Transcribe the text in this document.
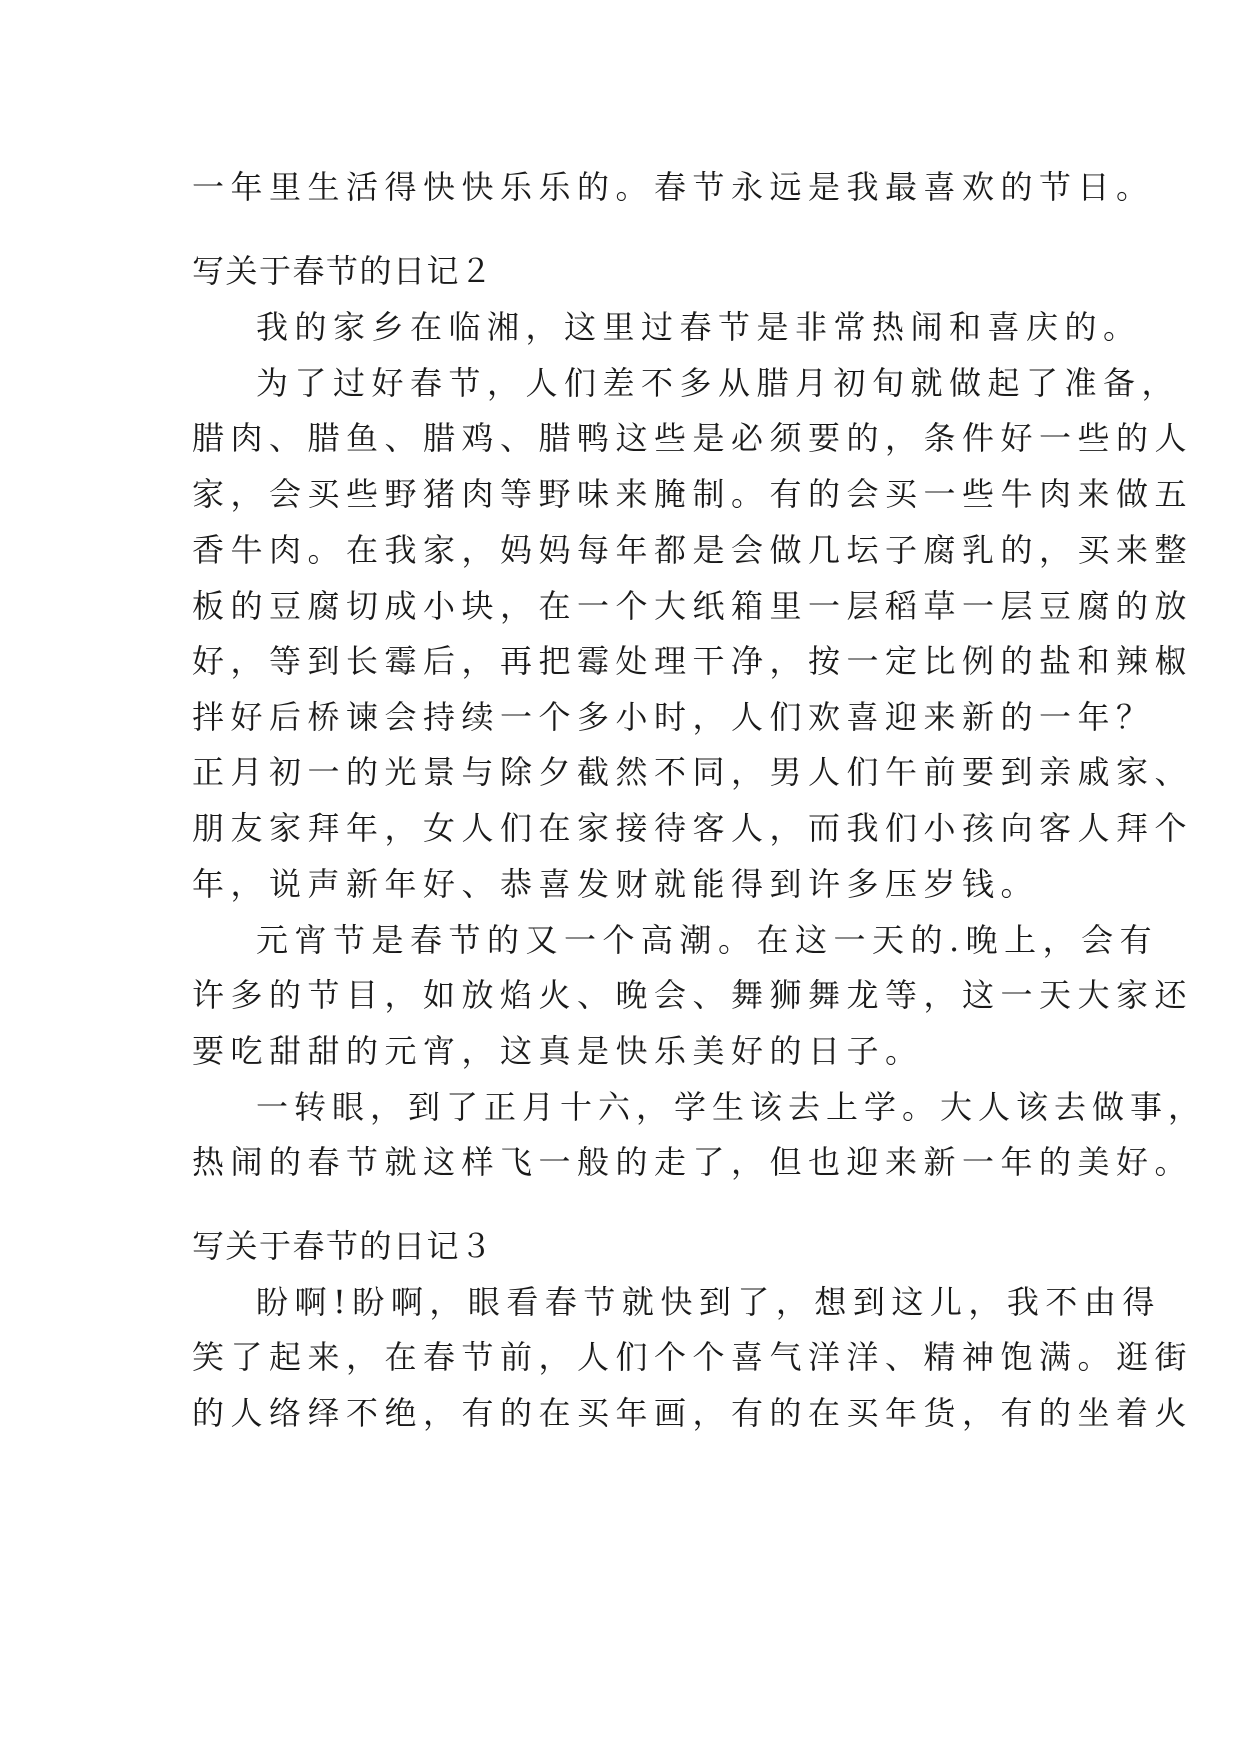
一年里生活得快快乐乐的。春节永远是我最喜欢的节日。
写关于春节的日记２
我的家乡在临湘，这里过春节是非常热闹和喜庆的。
为了过好春节，人们差不多从腊月初旬就做起了准备，
腊肉、腊鱼、腊鸡、腊鸭这些是必须要的，条件好一些的人
家，会买些野猪肉等野味来腌制。有的会买一些牛肉来做五
香牛肉。在我家，妈妈每年都是会做几坛子腐乳的，买来整
板的豆腐切成小块，在一个大纸箱里一层稻草一层豆腐的放
好，等到长霉后，再把霉处理干净，按一定比例的盐和辣椒
拌好后桥谏会持续一个多小时，人们欢喜迎来新的一年？
正月初一的光景与除夕截然不同，男人们午前要到亲戚家、
朋友家拜年，女人们在家接待客人，而我们小孩向客人拜个
年，说声新年好、恭喜发财就能得到许多压岁钱。
元宵节是春节的又一个高潮。在这一天的.晚上，会有
许多的节目，如放焰火、晚会、舞狮舞龙等，这一天大家还
要吃甜甜的元宵，这真是快乐美好的日子。
一转眼，到了正月十六，学生该去上学。大人该去做事，
热闹的春节就这样飞一般的走了，但也迎来新一年的美好。
写关于春节的日记３
盼啊!盼啊，眼看春节就快到了，想到这儿，我不由得
笑了起来，在春节前，人们个个喜气洋洋、精神饱满。逛街
的人络绎不绝，有的在买年画，有的在买年货，有的坐着火
